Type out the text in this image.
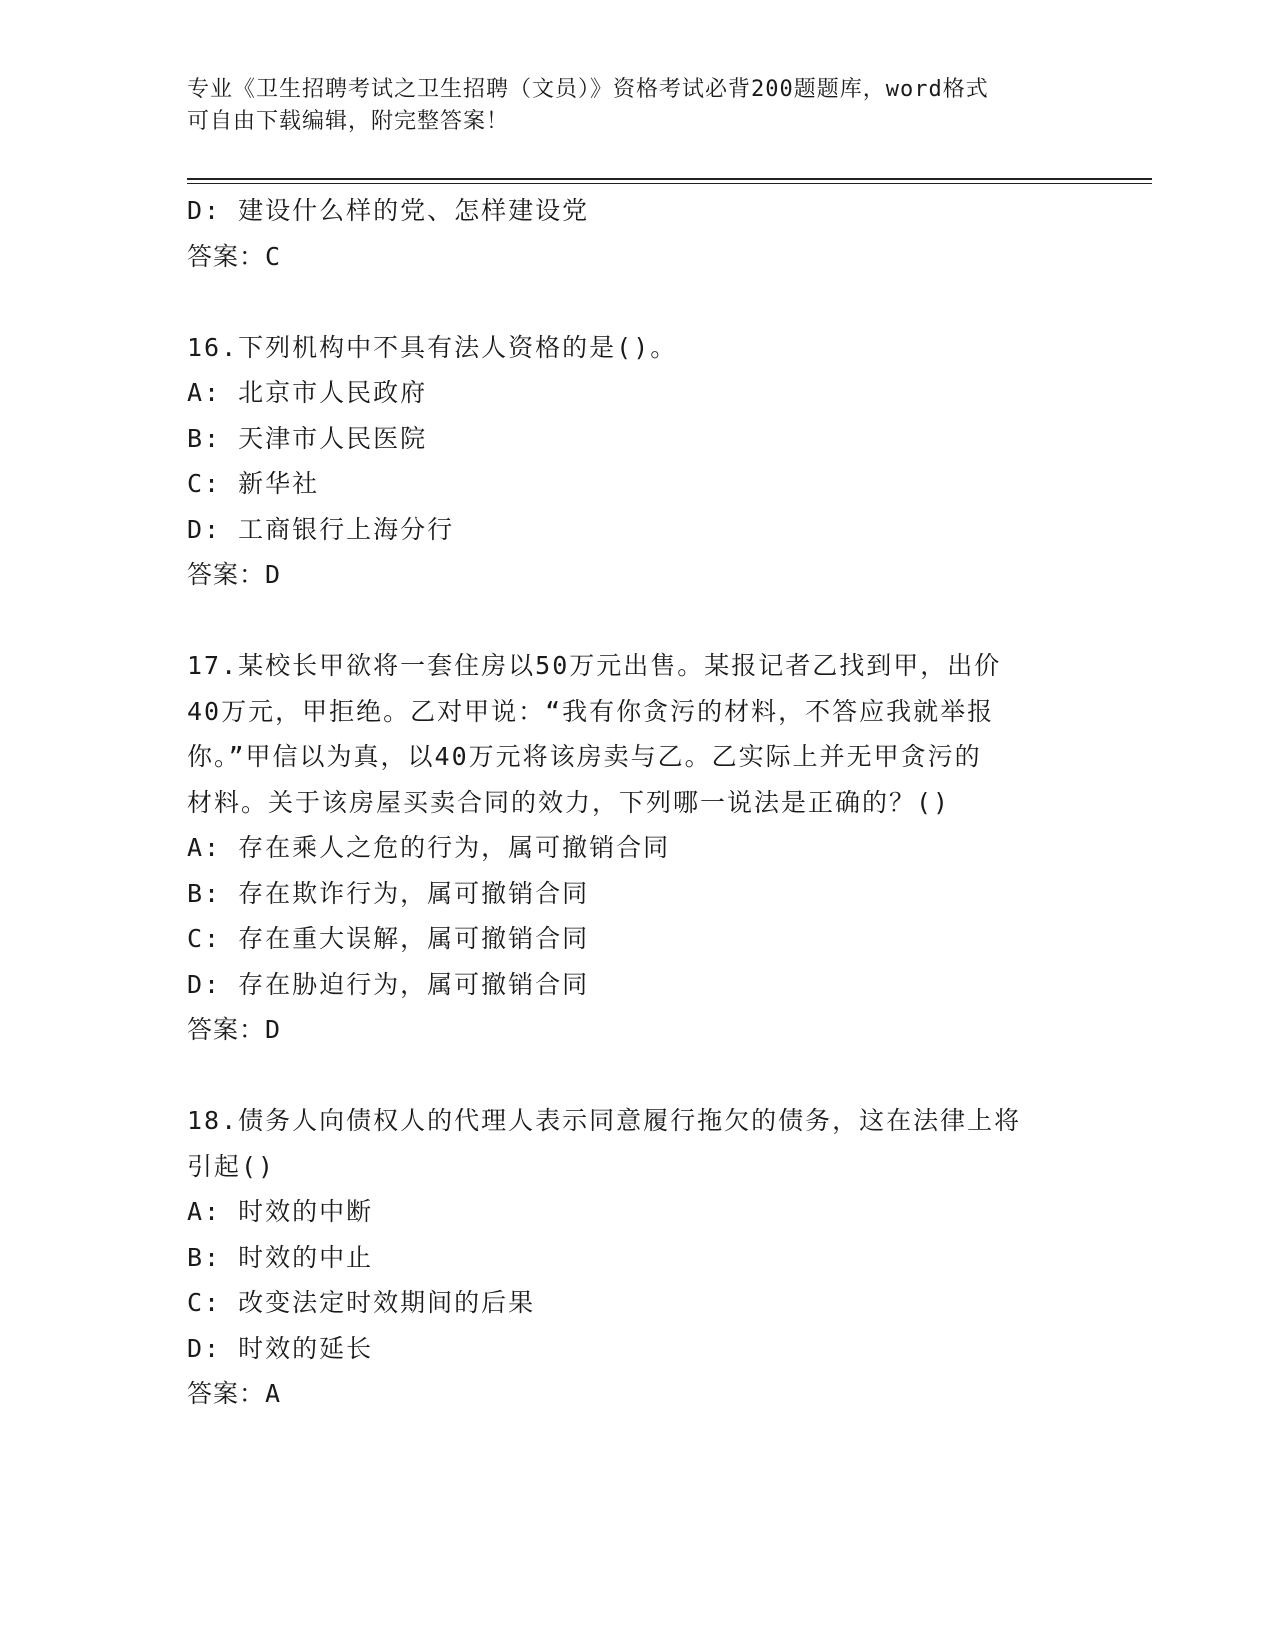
专业《卫生招聘考试之卫生招聘（文员）》资格考试必背200题题库，word格式
可自由下载编辑，附完整答案！
D: 建设什么样的党、怎样建设党
答案：C
16.下列机构中不具有法人资格的是()。
A: 北京市人民政府
B: 天津市人民医院
C: 新华社
D: 工商银行上海分行
答案：D
17.某校长甲欲将一套住房以50万元出售。某报记者乙找到甲，出价
40万元，甲拒绝。乙对甲说：“我有你贪污的材料，不答应我就举报
你。”甲信以为真，以40万元将该房卖与乙。乙实际上并无甲贪污的
材料。关于该房屋买卖合同的效力，下列哪一说法是正确的？()
A: 存在乘人之危的行为，属可撤销合同
B: 存在欺诈行为，属可撤销合同
C: 存在重大误解，属可撤销合同
D: 存在胁迫行为，属可撤销合同
答案：D
18.债务人向债权人的代理人表示同意履行拖欠的债务，这在法律上将
引起()
A: 时效的中断
B: 时效的中止
C: 改变法定时效期间的后果
D: 时效的延长
答案：A
